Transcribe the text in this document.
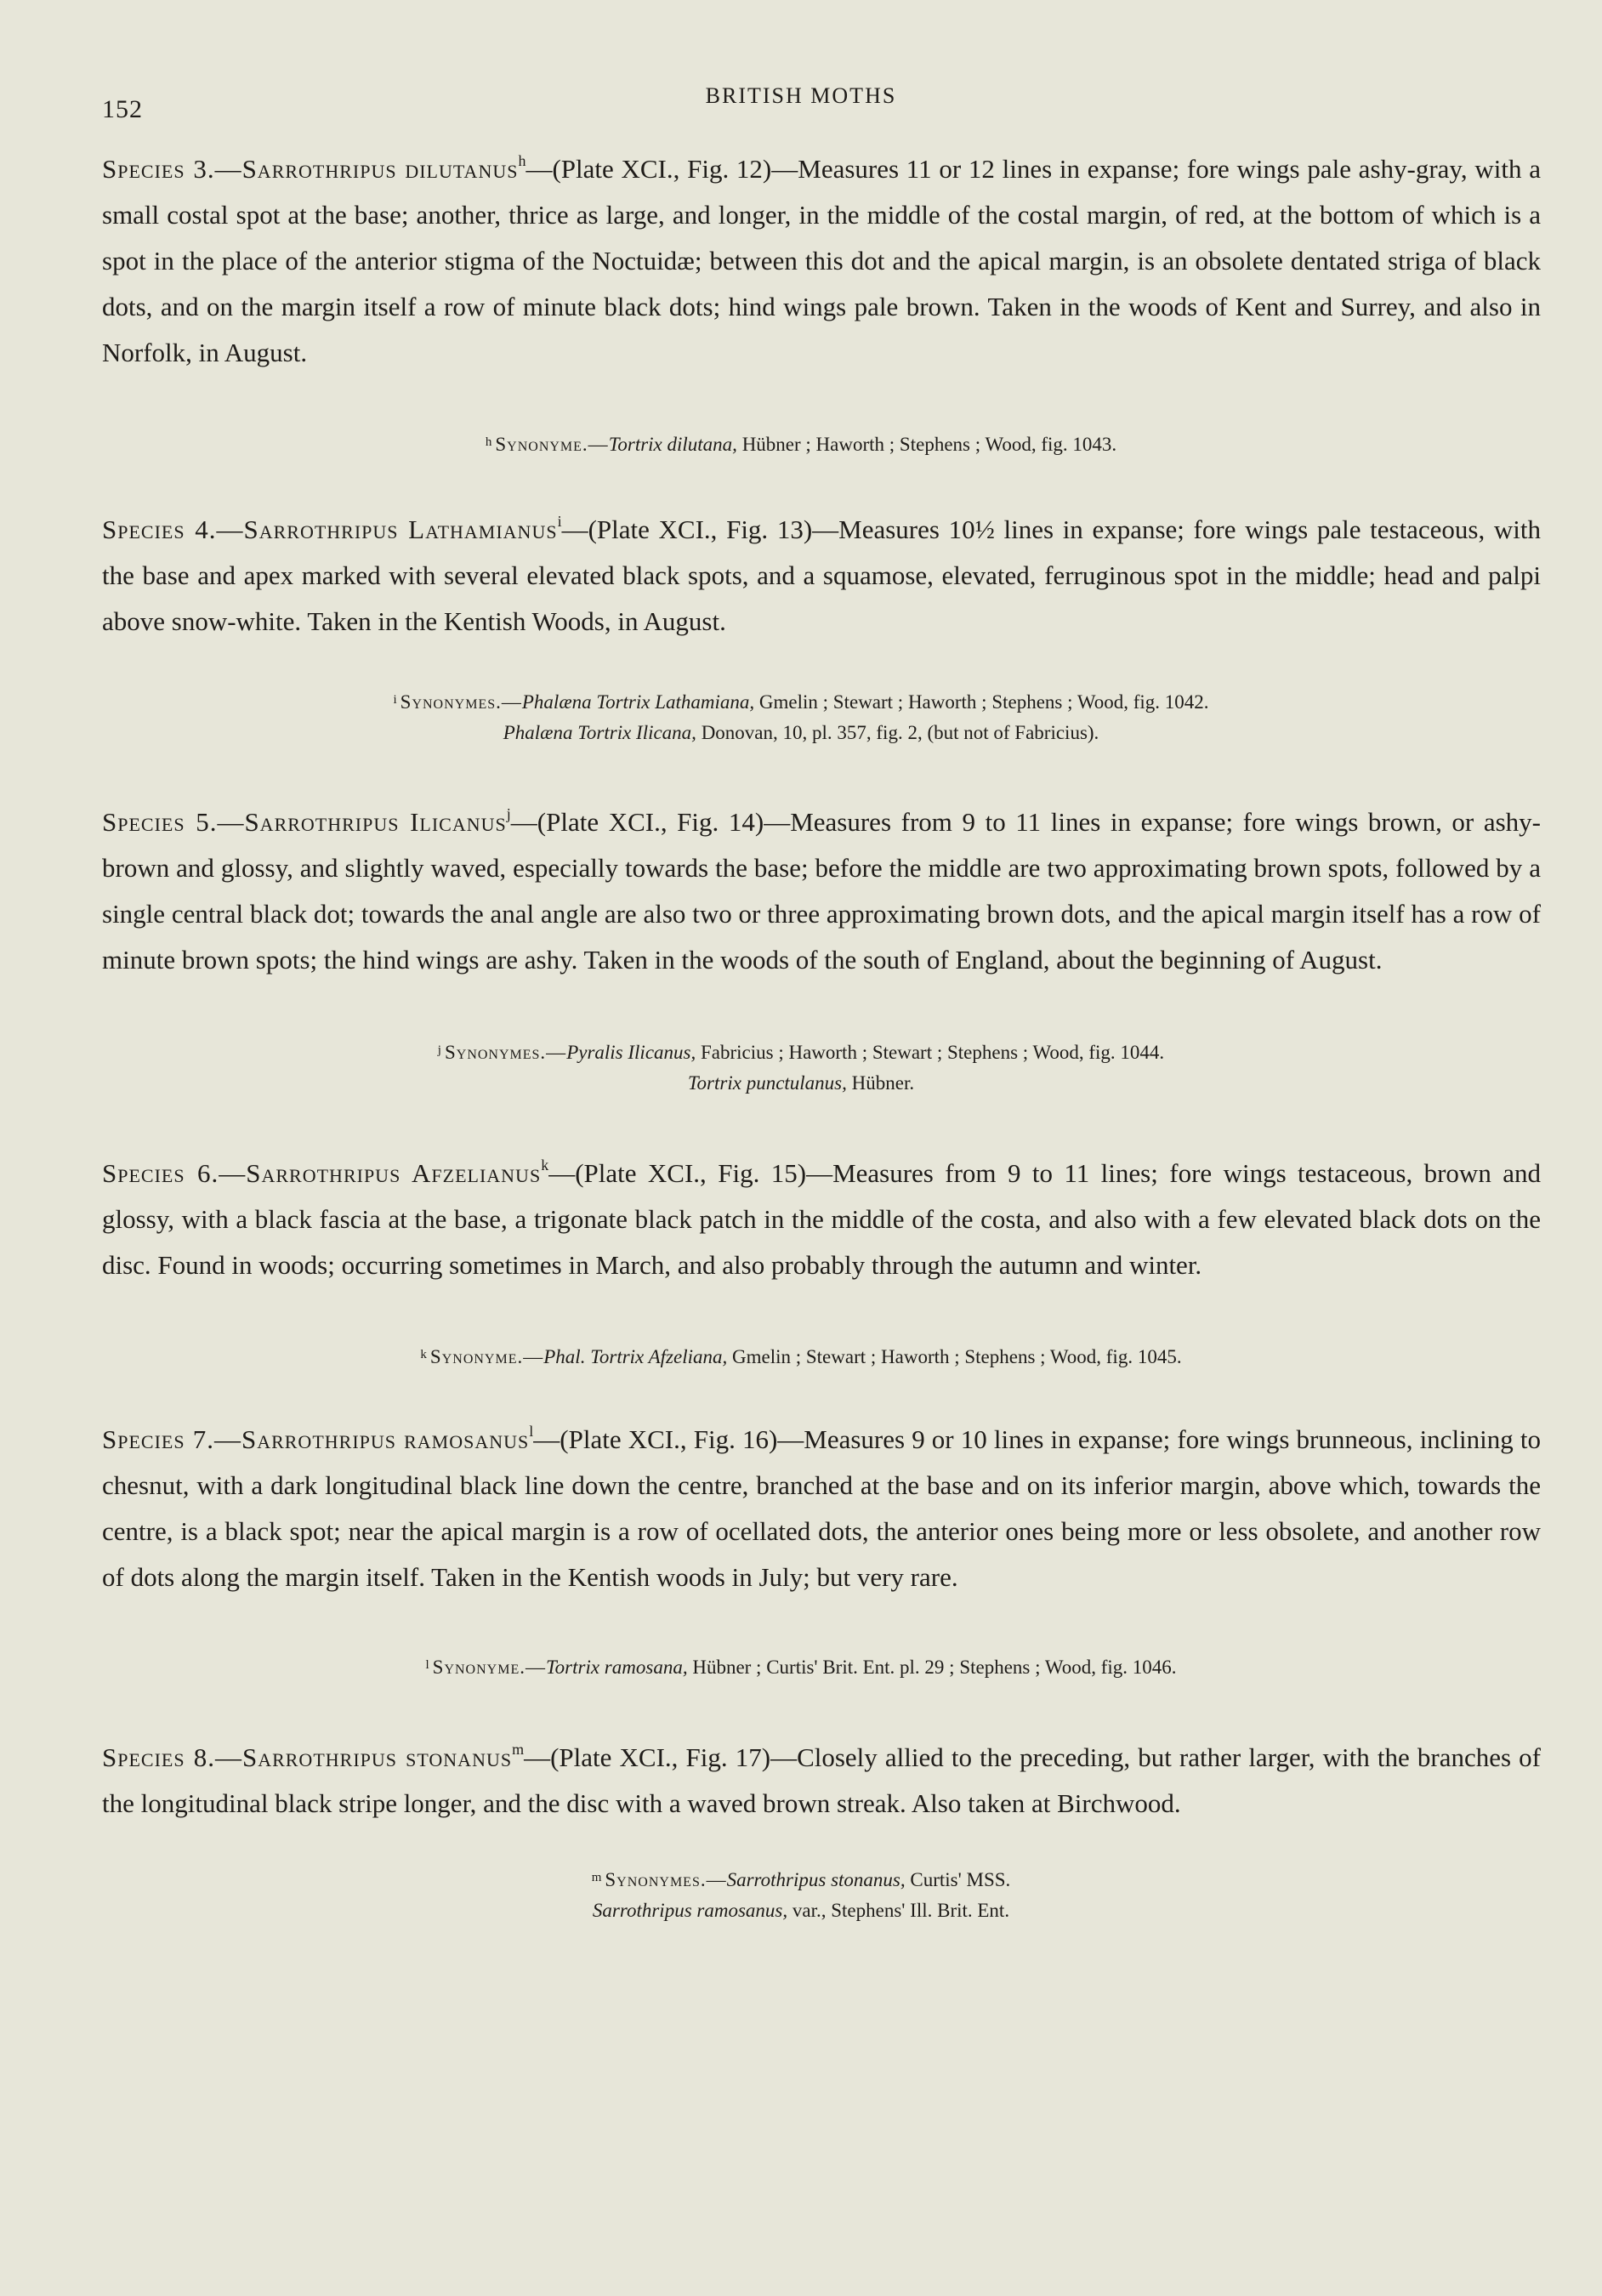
152	BRITISH MOTHS
Species 3.—Sarrothripus dilutanus$^h$—(Plate XCI., Fig. 12)—Measures 11 or 12 lines in expanse; fore wings pale ashy-gray, with a small costal spot at the base; another, thrice as large, and longer, in the middle of the costal margin, of red, at the bottom of which is a spot in the place of the anterior stigma of the Noctuidæ; between this dot and the apical margin, is an obsolete dentated striga of black dots, and on the margin itself a row of minute black dots; hind wings pale brown. Taken in the woods of Kent and Surrey, and also in Norfolk, in August.
$^h$ Synonyme.—Tortrix dilutana, Hübner ; Haworth ; Stephens ; Wood, fig. 1043.
Species 4.—Sarrothripus Lathamianus$^i$—(Plate XCI., Fig. 13)—Measures 10½ lines in expanse; fore wings pale testaceous, with the base and apex marked with several elevated black spots, and a squamose, elevated, ferruginous spot in the middle; head and palpi above snow-white. Taken in the Kentish Woods, in August.
$^i$ Synonymes.—Phalæna Tortrix Lathamiana, Gmelin ; Stewart ; Haworth ; Stephens ; Wood, fig. 1042.
Phalæna Tortrix Ilicana, Donovan, 10, pl. 357, fig. 2, (but not of Fabricius).
Species 5.—Sarrothripus Ilicanus$^j$—(Plate XCI., Fig. 14)—Measures from 9 to 11 lines in expanse; fore wings brown, or ashy-brown and glossy, and slightly waved, especially towards the base; before the middle are two approximating brown spots, followed by a single central black dot; towards the anal angle are also two or three approximating brown dots, and the apical margin itself has a row of minute brown spots; the hind wings are ashy. Taken in the woods of the south of England, about the beginning of August.
$^j$ Synonymes.—Pyralis Ilicanus, Fabricius ; Haworth ; Stewart ; Stephens ; Wood, fig. 1044.
Tortrix punctulanus, Hübner.
Species 6.—Sarrothripus Afzelianus$^k$—(Plate XCI., Fig. 15)—Measures from 9 to 11 lines; fore wings testaceous, brown and glossy, with a black fascia at the base, a trigonate black patch in the middle of the costa, and also with a few elevated black dots on the disc. Found in woods; occurring sometimes in March, and also probably through the autumn and winter.
$^k$ Synonyme.—Phal. Tortrix Afzeliana, Gmelin ; Stewart ; Haworth ; Stephens ; Wood, fig. 1045.
Species 7.—Sarrothripus ramosanus$^l$—(Plate XCI., Fig. 16)—Measures 9 or 10 lines in expanse; fore wings brunneous, inclining to chesnut, with a dark longitudinal black line down the centre, branched at the base and on its inferior margin, above which, towards the centre, is a black spot; near the apical margin is a row of ocellated dots, the anterior ones being more or less obsolete, and another row of dots along the margin itself. Taken in the Kentish woods in July; but very rare.
$^l$ Synonyme.—Tortrix ramosana, Hübner ; Curtis' Brit. Ent. pl. 29 ; Stephens ; Wood, fig. 1046.
Species 8.—Sarrothripus stonanus$^m$—(Plate XCI., Fig. 17)—Closely allied to the preceding, but rather larger, with the branches of the longitudinal black stripe longer, and the disc with a waved brown streak. Also taken at Birchwood.
$^m$ Synonymes.—Sarrothripus stonanus, Curtis' MSS.
Sarrothripus ramosanus, var., Stephens' Ill. Brit. Ent.
